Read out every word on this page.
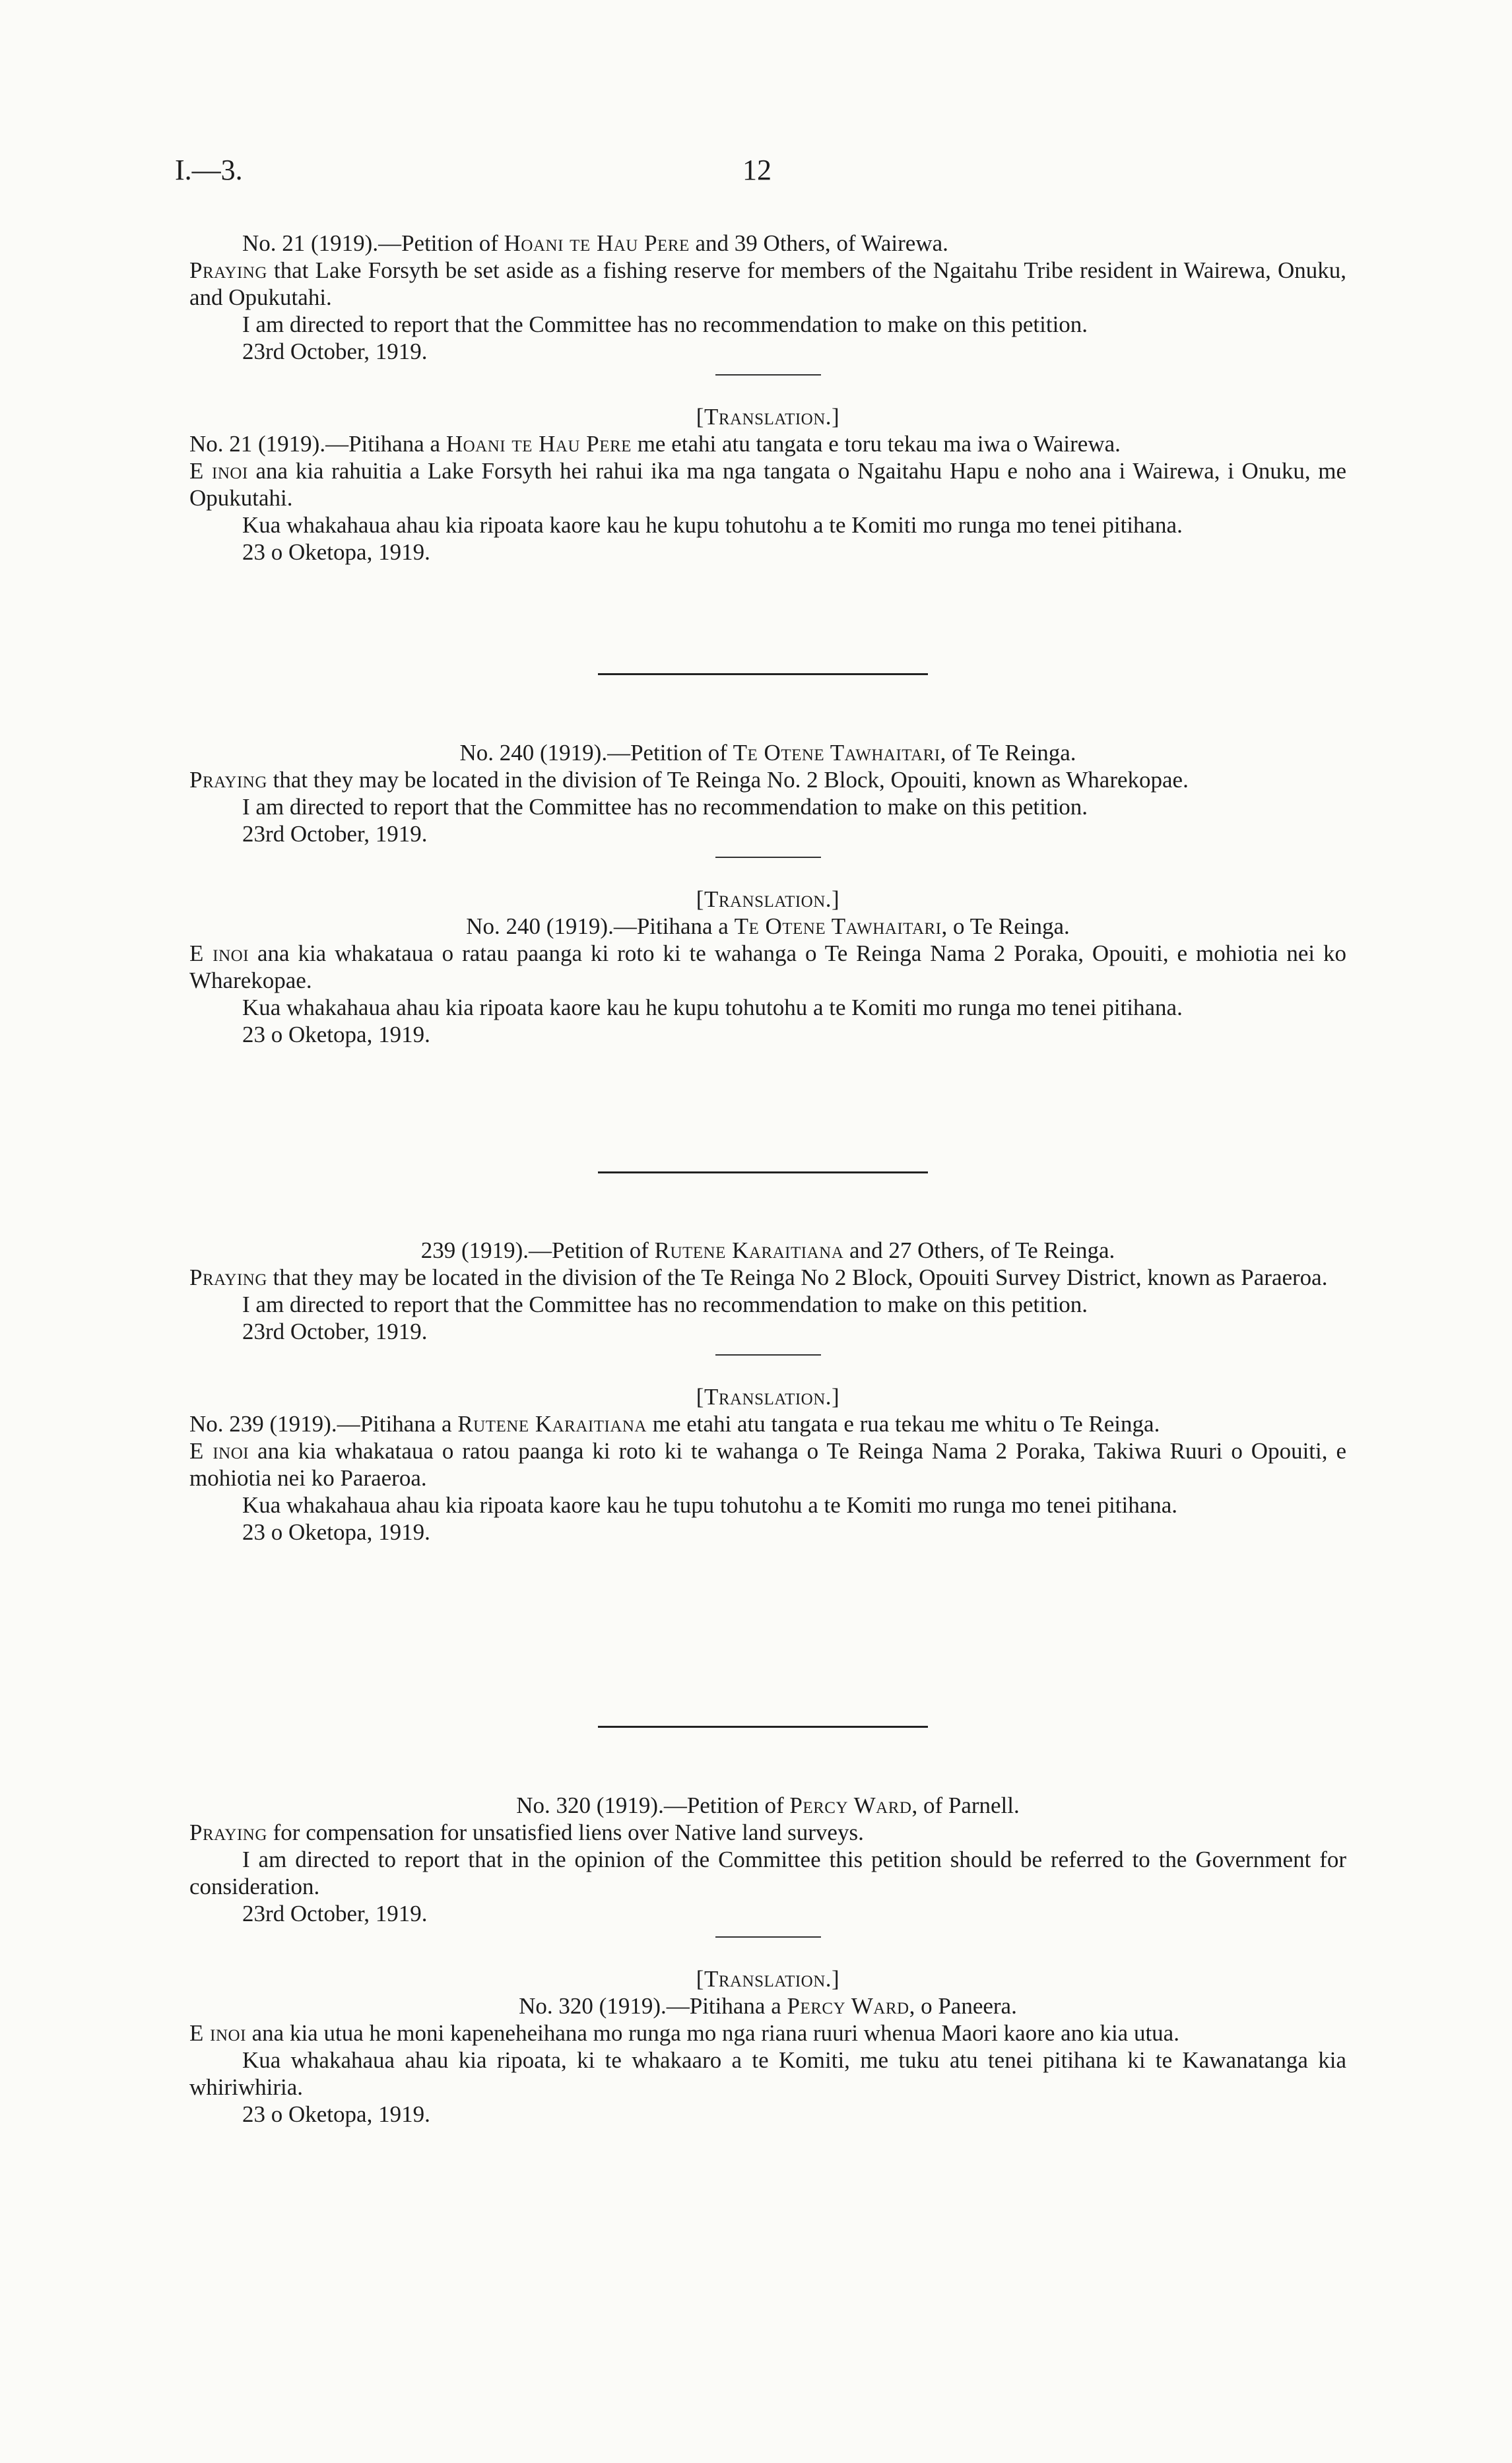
I.—3.	12

No. 21 (1919).—Petition of Hoani te Hau Pere and 39 Others, of Wairewa.

Praying that Lake Forsyth be set aside as a fishing reserve for members of the Ngaitahu Tribe resident in Wairewa, Onuku, and Opukutahi.

I am directed to report that the Committee has no recommendation to make on this petition.

23rd October, 1919.

[Translation.]

No. 21 (1919).—Pitihana a Hoani te Hau Pere me etahi atu tangata e toru tekau ma iwa o Wairewa.

E inoi ana kia rahuitia a Lake Forsyth hei rahui ika ma nga tangata o Ngaitahu Hapu e noho ana i Wairewa, i Onuku, me Opukutahi.

Kua whakahaua ahau kia ripoata kaore kau he kupu tohutohu a te Komiti mo runga mo tenei pitihana.

23 o Oketopa, 1919.

No. 240 (1919).—Petition of Te Otene Tawhaitari, of Te Reinga.

Praying that they may be located in the division of Te Reinga No. 2 Block, Opouiti, known as Wharekopae.

I am directed to report that the Committee has no recommendation to make on this petition.

23rd October, 1919.

[Translation.]

No. 240 (1919).—Pitihana a Te Otene Tawhaitari, o Te Reinga.

E inoi ana kia whakataua o ratau paanga ki roto ki te wahanga o Te Reinga Nama 2 Poraka, Opouiti, e mohiotia nei ko Wharekopae.

Kua whakahaua ahau kia ripoata kaore kau he kupu tohutohu a te Komiti mo runga mo tenei pitihana.

23 o Oketopa, 1919.

239 (1919).—Petition of Rutene Karaitiana and 27 Others, of Te Reinga.

Praying that they may be located in the division of the Te Reinga No 2 Block, Opouiti Survey District, known as Paraeroa.

I am directed to report that the Committee has no recommendation to make on this petition.

23rd October, 1919.

[Translation.]

No. 239 (1919).—Pitihana a Rutene Karaitiana me etahi atu tangata e rua tekau me whitu o Te Reinga.

E inoi ana kia whakataua o ratou paanga ki roto ki te wahanga o Te Reinga Nama 2 Poraka, Takiwa Ruuri o Opouiti, e mohiotia nei ko Paraeroa.

Kua whakahaua ahau kia ripoata kaore kau he tupu tohutohu a te Komiti mo runga mo tenei pitihana.

23 o Oketopa, 1919.

No. 320 (1919).—Petition of Percy Ward, of Parnell.

Praying for compensation for unsatisfied liens over Native land surveys.

I am directed to report that in the opinion of the Committee this petition should be referred to the Government for consideration.

23rd October, 1919.

[Translation.]

No. 320 (1919).—Pitihana a Percy Ward, o Paneera.

E inoi ana kia utua he moni kapeneheihana mo runga mo nga riana ruuri whenua Maori kaore ano kia utua.

Kua whakahaua ahau kia ripoata, ki te whakaaro a te Komiti, me tuku atu tenei pitihana ki te Kawanatanga kia whiriwhiria.

23 o Oketopa, 1919.
